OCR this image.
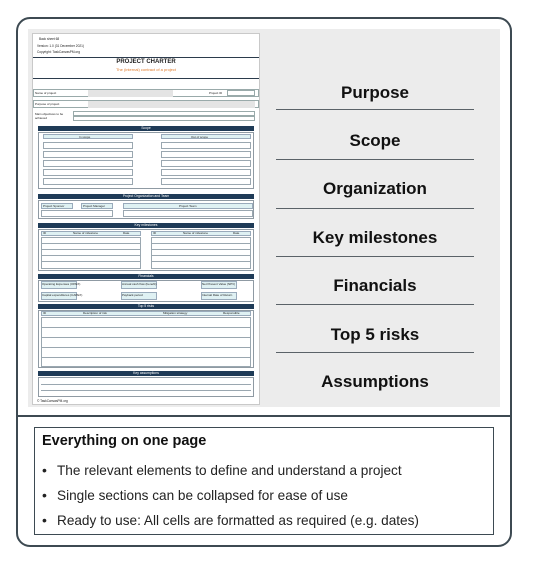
Back sheet 68
Version: 1.0 (31 December 2021)
Copyright: TaskCanvasPM.org
PROJECT CHARTER
The (internal) contract of a project
Name of project	Project ID
Purpose of project
Main objectives to be achieved
Scope
In scope	Out of scope
Project Organization and Team
Project Sponsor	Project Manager	Project Team
Key milestones
ID	Name of milestone	Date	ID	Name of milestone	Date
Financials
Operating Expenses (OPEX)	Annual cash flow (benefit)	Net Present Value (NPV)
Capital expenditures (CAPEX)	Payback period	Internal Rate of Return
Top 5 risks
ID	Description of risk	Mitigation strategy	Responsible
Key assumptions
© TaskCanvasPM.org
Purpose
Scope
Organization
Key milestones
Financials
Top 5 risks
Assumptions
Everything on one page
• The relevant elements to define and understand a project
• Single sections can be collapsed for ease of use
• Ready to use: All cells are formatted as required (e.g. dates)
